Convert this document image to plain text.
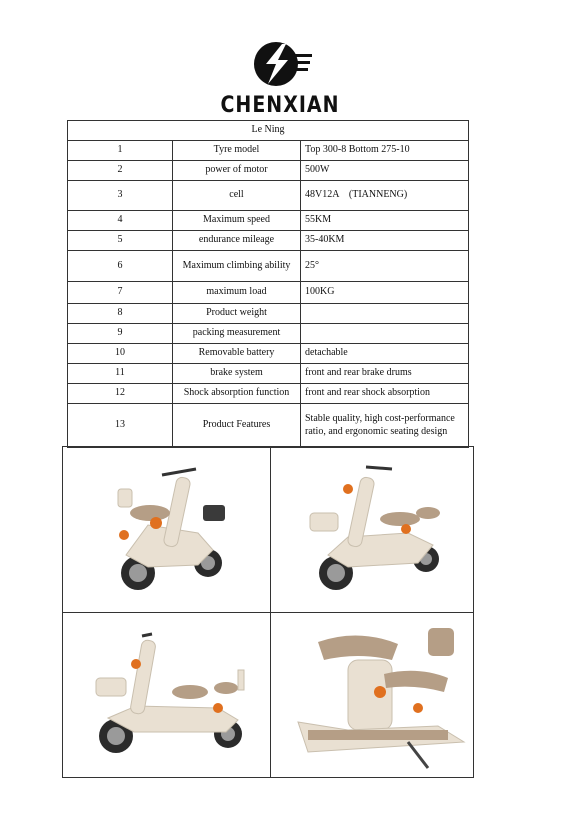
CHENXIAN
Le Ning		
1	Tyre model	Top 300-8 Bottom 275-10
2	power of motor	500W
3	cell	48V12A　(TIANNENG)
4	Maximum speed	55KM
5	endurance mileage	35-40KM
6	Maximum climbing ability	25°
7	maximum load	100KG
8	Product weight	
9	packing measurement	
10	Removable battery	detachable
11	brake system	front and rear brake drums
12	Shock absorption function	front and rear shock absorption
13	Product Features	Stable quality, high cost-performance ratio, and ergonomic seating design
